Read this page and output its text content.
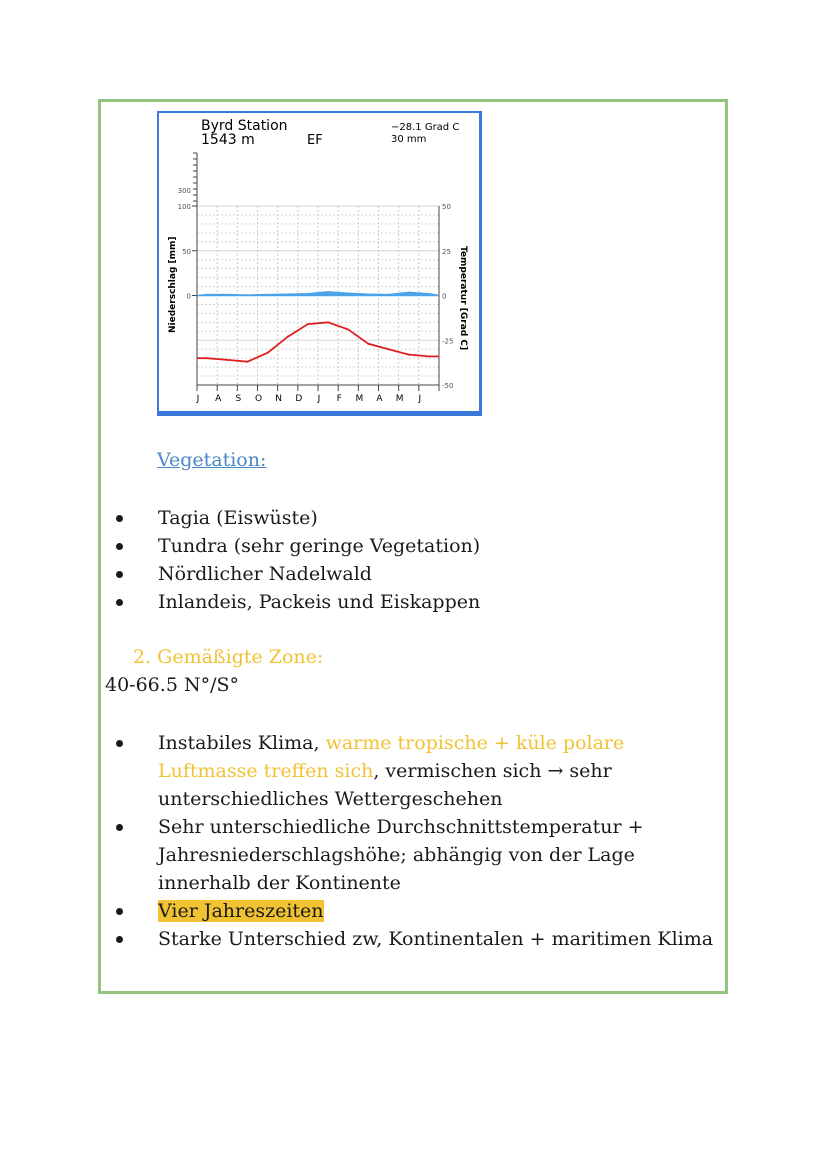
Byrd Station
1543 m	EF
−28.1 Grad C
30 mm
Niederschlag [mm]	Temperatur [Grad C]
J A S O N D J F M A M J
300
100
50
0
50
25
0
-25
-50
Vegetation:
Tagia (Eiswüste)
Tundra (sehr geringe Vegetation)
Nördlicher Nadelwald
Inlandeis, Packeis und Eiskappen
2. Gemäßigte Zone:
40-66.5 N°/S°
Instabiles Klima, warme tropische + küle polare Luftmasse treffen sich, vermischen sich → sehr unterschiedliches Wettergeschehen
Sehr unterschiedliche Durchschnittstemperatur + Jahresniederschlagshöhe; abhängig von der Lage innerhalb der Kontinente
Vier Jahreszeiten
Starke Unterschied zw, Kontinentalen + maritimen Klima
